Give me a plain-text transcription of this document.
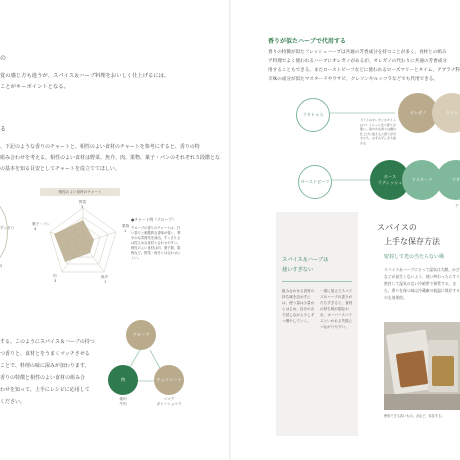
の
覚の感じ方も違うが、スパイス＆ハーブ料理をおいしく仕上げるには、
ことがキーポイントとなる。
る
、下記のような香りのチャートと、相性のよい食材のチャートを参考にすると、香りの特
組み合わせを考える。相性のよい食材は野菜、魚介、肉、果物、菓子・パンのそれぞれ５段階とな
の基本を知る目安としてチャートを役立ててほしい。
相性のよい食材のチャート
野菜
3
果物
1
魚介
1
肉
3
菓子・パン
4
すっきり
2
●チャート例（クローブ）
クローブの香りのチャートは、甘い香りと刺激的な香味が強く、華やかな雰囲気を演出。すっきりさは控えめな食材と合わせやすい。相性のよい食材は肉、菓子類、果物など。野菜・魚介とは合わせにくい。
する。このようにスパイス＆ハーブの持つ
つ香りと、食材とをうまくマッチさせる
ことで、料理の味に深みが加わります。
香りの特徴と相性のよい食材の組み合
わせを知って、上手にレシピに応用して
ください。
クローブ
肉	チョコレート
焼肉
牛肉
ココア
ガトーショコラ
香りが似たハーブで代用する
香りの特徴が似たフレッシュハーブは共通の芳香成分を持つことが多く、食材との組み
ア料理でよく使われるハーブにオレガノがあるが、オレガノの代わりに共通の芳香成分
用することもできる。またローストビーフなどに使われるローズマリーとタイム、アブラナ科
辛味の成分が似たマスタードやワサビ、クレソンやルッコラなどでも代用できる。
ラタトゥユ	オレガノ	タイム
ドライのオレガノやタイムはフレッシュに比べ香りが強い。爽やかな香りは鍋の仕上げに加えると香りが引き立ち、みずみずしさも加わる
ローストビーフ
ホース
ラディッシュ
マスタード	ワサ
ア
スパイス＆ハーブは
使いすぎない
組み合わせる食材の持ち味を活かすには、使う量は少量からはじめ、自分の舌で試しながら少しずつ増やしていく。
一度に加えてスパイス＆ハーブの香りがたちすぎると、食材の持ち味が損なわれ、オーバースパイスといわれる失敗につながりやすい。
スパイスの
上手な保存方法
密封して光の当たらない場
スパイス＆ハーブにとって湿気は大敵。かびなどが発生しないよう、使い終わったらすぐ密封して湿気のない冷暗所で保管する。また、香りを保つ味は冷蔵庫の低温に保存するのも効果的。
使用できる容いもの。点など、存存する。
